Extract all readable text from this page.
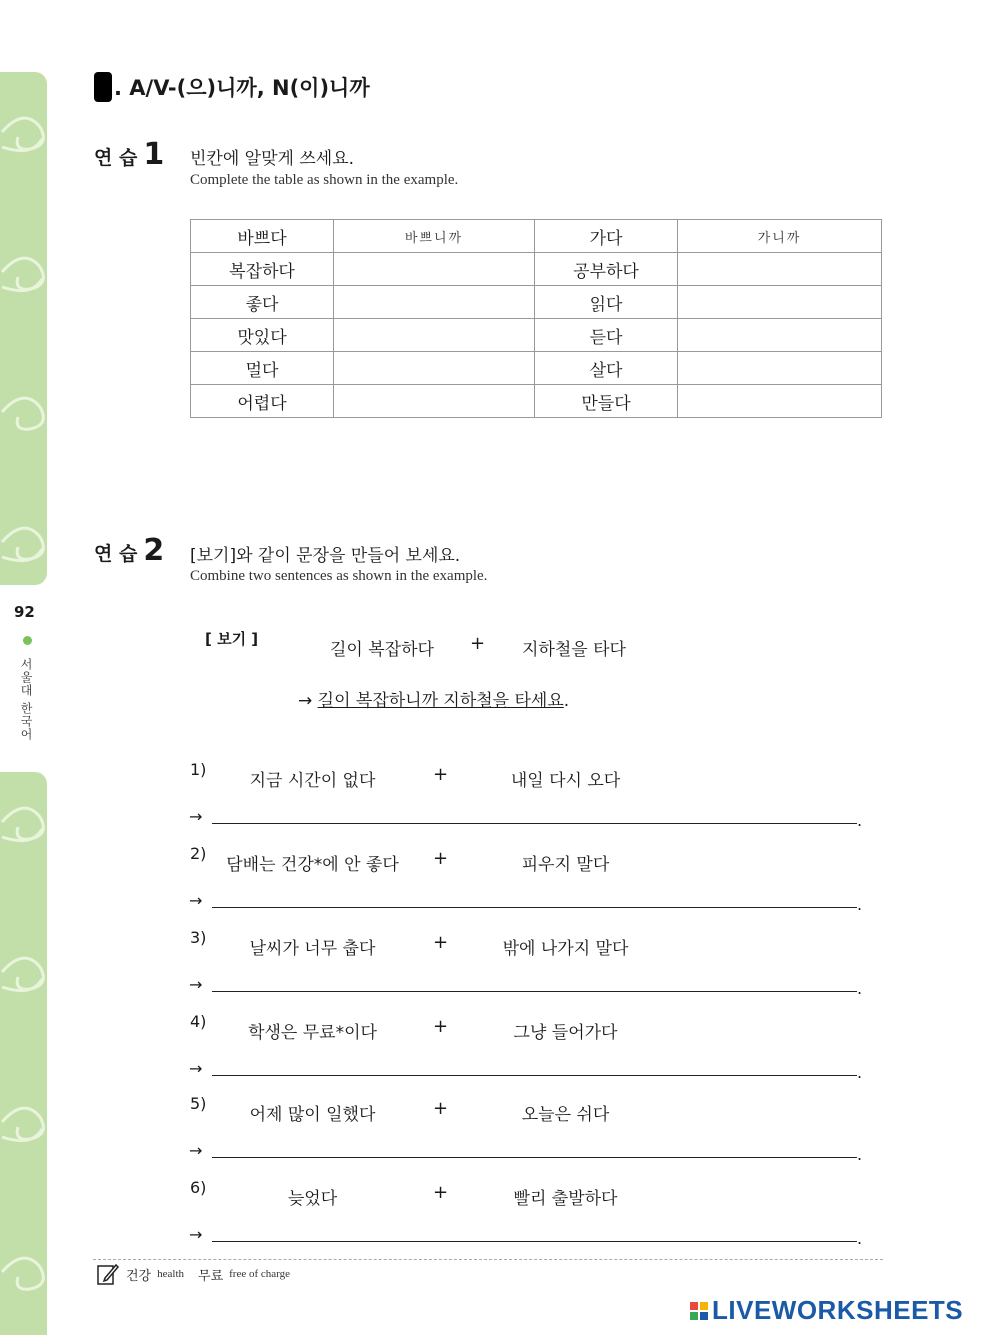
92
서울대 한국어
. A/V-(으)니까, N(이)니까
연 습 1 빈칸에 알맞게 쓰세요.
Complete the table as shown in the example.
바쁘다	바쁘니까	가다	가니까
복잡하다		공부하다	
좋다		읽다	
맛있다		듣다	
멀다		살다	
어렵다		만들다	
연 습 2 [보기]와 같이 문장을 만들어 보세요.
Combine two sentences as shown in the example.
[ 보기 ]
길이 복잡하다 + 지하철을 타다
→ 길이 복잡하니까 지하철을 타세요.
1)
지금 시간이 없다	+	내일 다시 오다
→	.
2)
담배는 건강*에 안 좋다	+	피우지 말다
→	.
3)
날씨가 너무 춥다	+	밖에 나가지 말다
→	.
4)
학생은 무료*이다	+	그냥 들어가다
→	.
5)
어제 많이 일했다	+	오늘은 쉬다
→	.
6)
늦었다	+	빨리 출발하다
→	.
건강 health 무료 free of charge
LIVEWORKSHEETS
